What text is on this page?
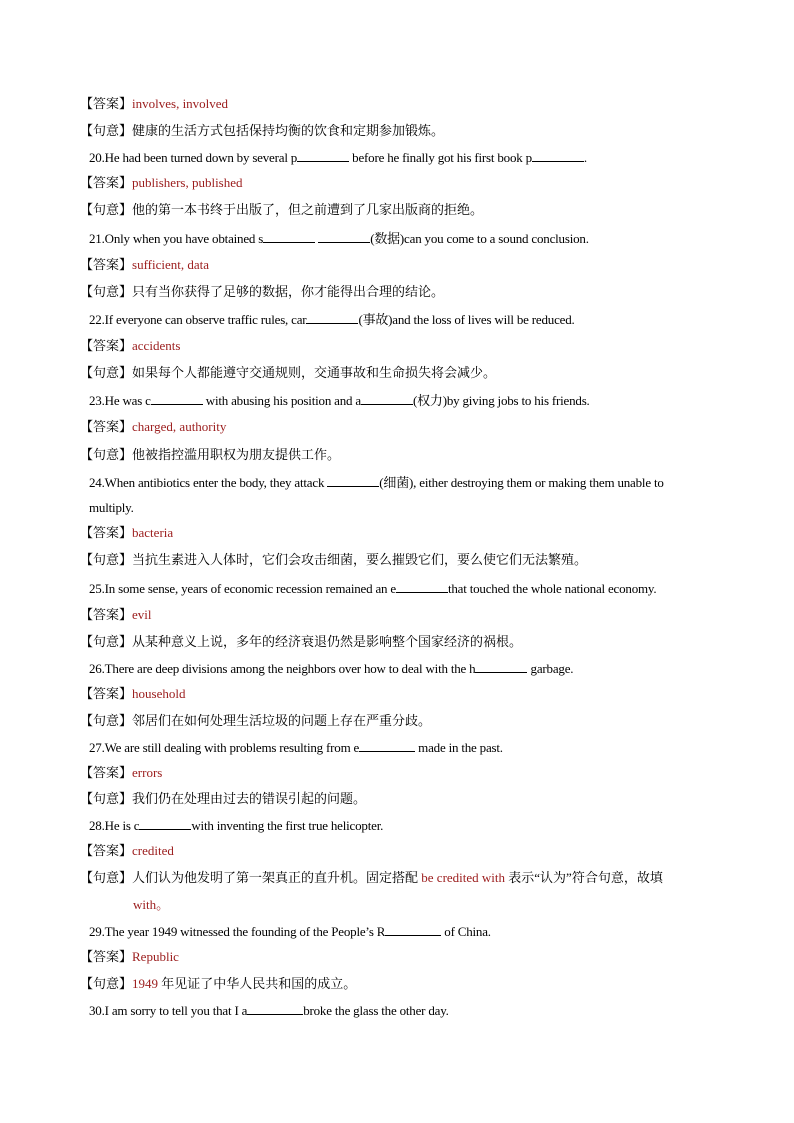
【答案】involves, involved
【句意】健康的生活方式包括保持均衡的饮食和定期参加锻炼。
20.He had been turned down by several p	before he finally got his first book p	.
【答案】publishers, published
【句意】他的第一本书终于出版了，但之前遭到了几家出版商的拒绝。
21.Only when you have obtained s	(数据)can you come to a sound conclusion.
【答案】sufficient, data
【句意】只有当你获得了足够的数据，你才能得出合理的结论。
22.If everyone can observe traffic rules, car	(事故)and the loss of lives will be reduced.
【答案】accidents
【句意】如果每个人都能遵守交通规则，交通事故和生命损失将会减少。
23.He was c	with abusing his position and a	(权力)by giving jobs to his friends.
【答案】charged, authority
【句意】他被指控滥用职权为朋友提供工作。
24.When antibiotics enter the body, they attack	(细菌), either destroying them or making them unable to
multiply.
【答案】bacteria
【句意】当抗生素进入人体时，它们会攻击细菌，要么摧毁它们，要么使它们无法繁殖。
25.In some sense, years of economic recession remained an e	that touched the whole national economy.
【答案】evil
【句意】从某种意义上说，多年的经济衰退仍然是影响整个国家经济的祸根。
26.There are deep divisions among the neighbors over how to deal with the h	garbage.
【答案】household
【句意】邻居们在如何处理生活垃圾的问题上存在严重分歧。
27.We are still dealing with problems resulting from e	made in the past.
【答案】errors
【句意】我们仍在处理由过去的错误引起的问题。
28.He is c	with inventing the first true helicopter.
【答案】credited
【句意】人们认为他发明了第一架真正的直升机。固定搭配 be credited with 表示“认为”符合句意，故填
with。
29.The year 1949 witnessed the founding of the People’s R	of China.
【答案】Republic
【句意】1949 年见证了中华人民共和国的成立。
30.I am sorry to tell you that I a	broke the glass the other day.
